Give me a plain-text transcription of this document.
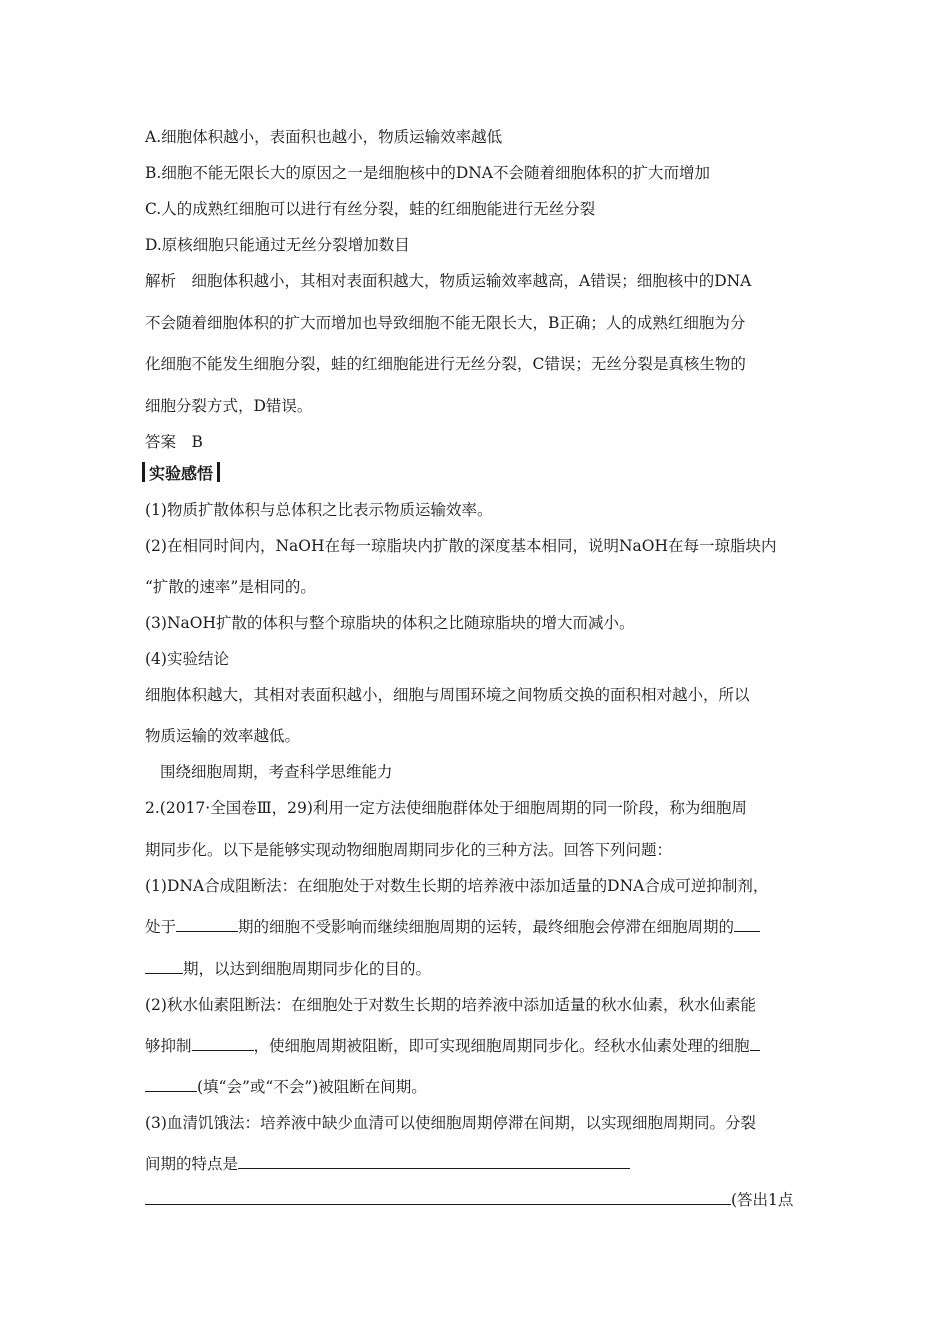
A.细胞体积越小，表面积也越小，物质运输效率越低
B.细胞不能无限长大的原因之一是细胞核中的DNA不会随着细胞体积的扩大而增加
C.人的成熟红细胞可以进行有丝分裂，蛙的红细胞能进行无丝分裂
D.原核细胞只能通过无丝分裂增加数目
解析　细胞体积越小，其相对表面积越大，物质运输效率越高，A错误；细胞核中的DNA
不会随着细胞体积的扩大而增加也导致细胞不能无限长大，B正确；人的成熟红细胞为分
化细胞不能发生细胞分裂，蛙的红细胞能进行无丝分裂，C错误；无丝分裂是真核生物的
细胞分裂方式，D错误。
答案　B
实验感悟
(1)物质扩散体积与总体积之比表示物质运输效率。
(2)在相同时间内，NaOH在每一琼脂块内扩散的深度基本相同，说明NaOH在每一琼脂块内
“扩散的速率”是相同的。
(3)NaOH扩散的体积与整个琼脂块的体积之比随琼脂块的增大而减小。
(4)实验结论
细胞体积越大，其相对表面积越小，细胞与周围环境之间物质交换的面积相对越小，所以
物质运输的效率越低。
围绕细胞周期，考查科学思维能力
2.(2017·全国卷Ⅲ，29)利用一定方法使细胞群体处于细胞周期的同一阶段，称为细胞周
期同步化。以下是能够实现动物细胞周期同步化的三种方法。回答下列问题：
(1)DNA合成阻断法：在细胞处于对数生长期的培养液中添加适量的DNA合成可逆抑制剂，
处于	期的细胞不受影响而继续细胞周期的运转，最终细胞会停滞在细胞周期的
期，以达到细胞周期同步化的目的。
(2)秋水仙素阻断法：在细胞处于对数生长期的培养液中添加适量的秋水仙素，秋水仙素能
够抑制	，使细胞周期被阻断，即可实现细胞周期同步化。经秋水仙素处理的细胞
(填“会”或“不会”)被阻断在间期。
(3)血清饥饿法：培养液中缺少血清可以使细胞周期停滞在间期，以实现细胞周期同。分裂
间期的特点是
(答出1点
